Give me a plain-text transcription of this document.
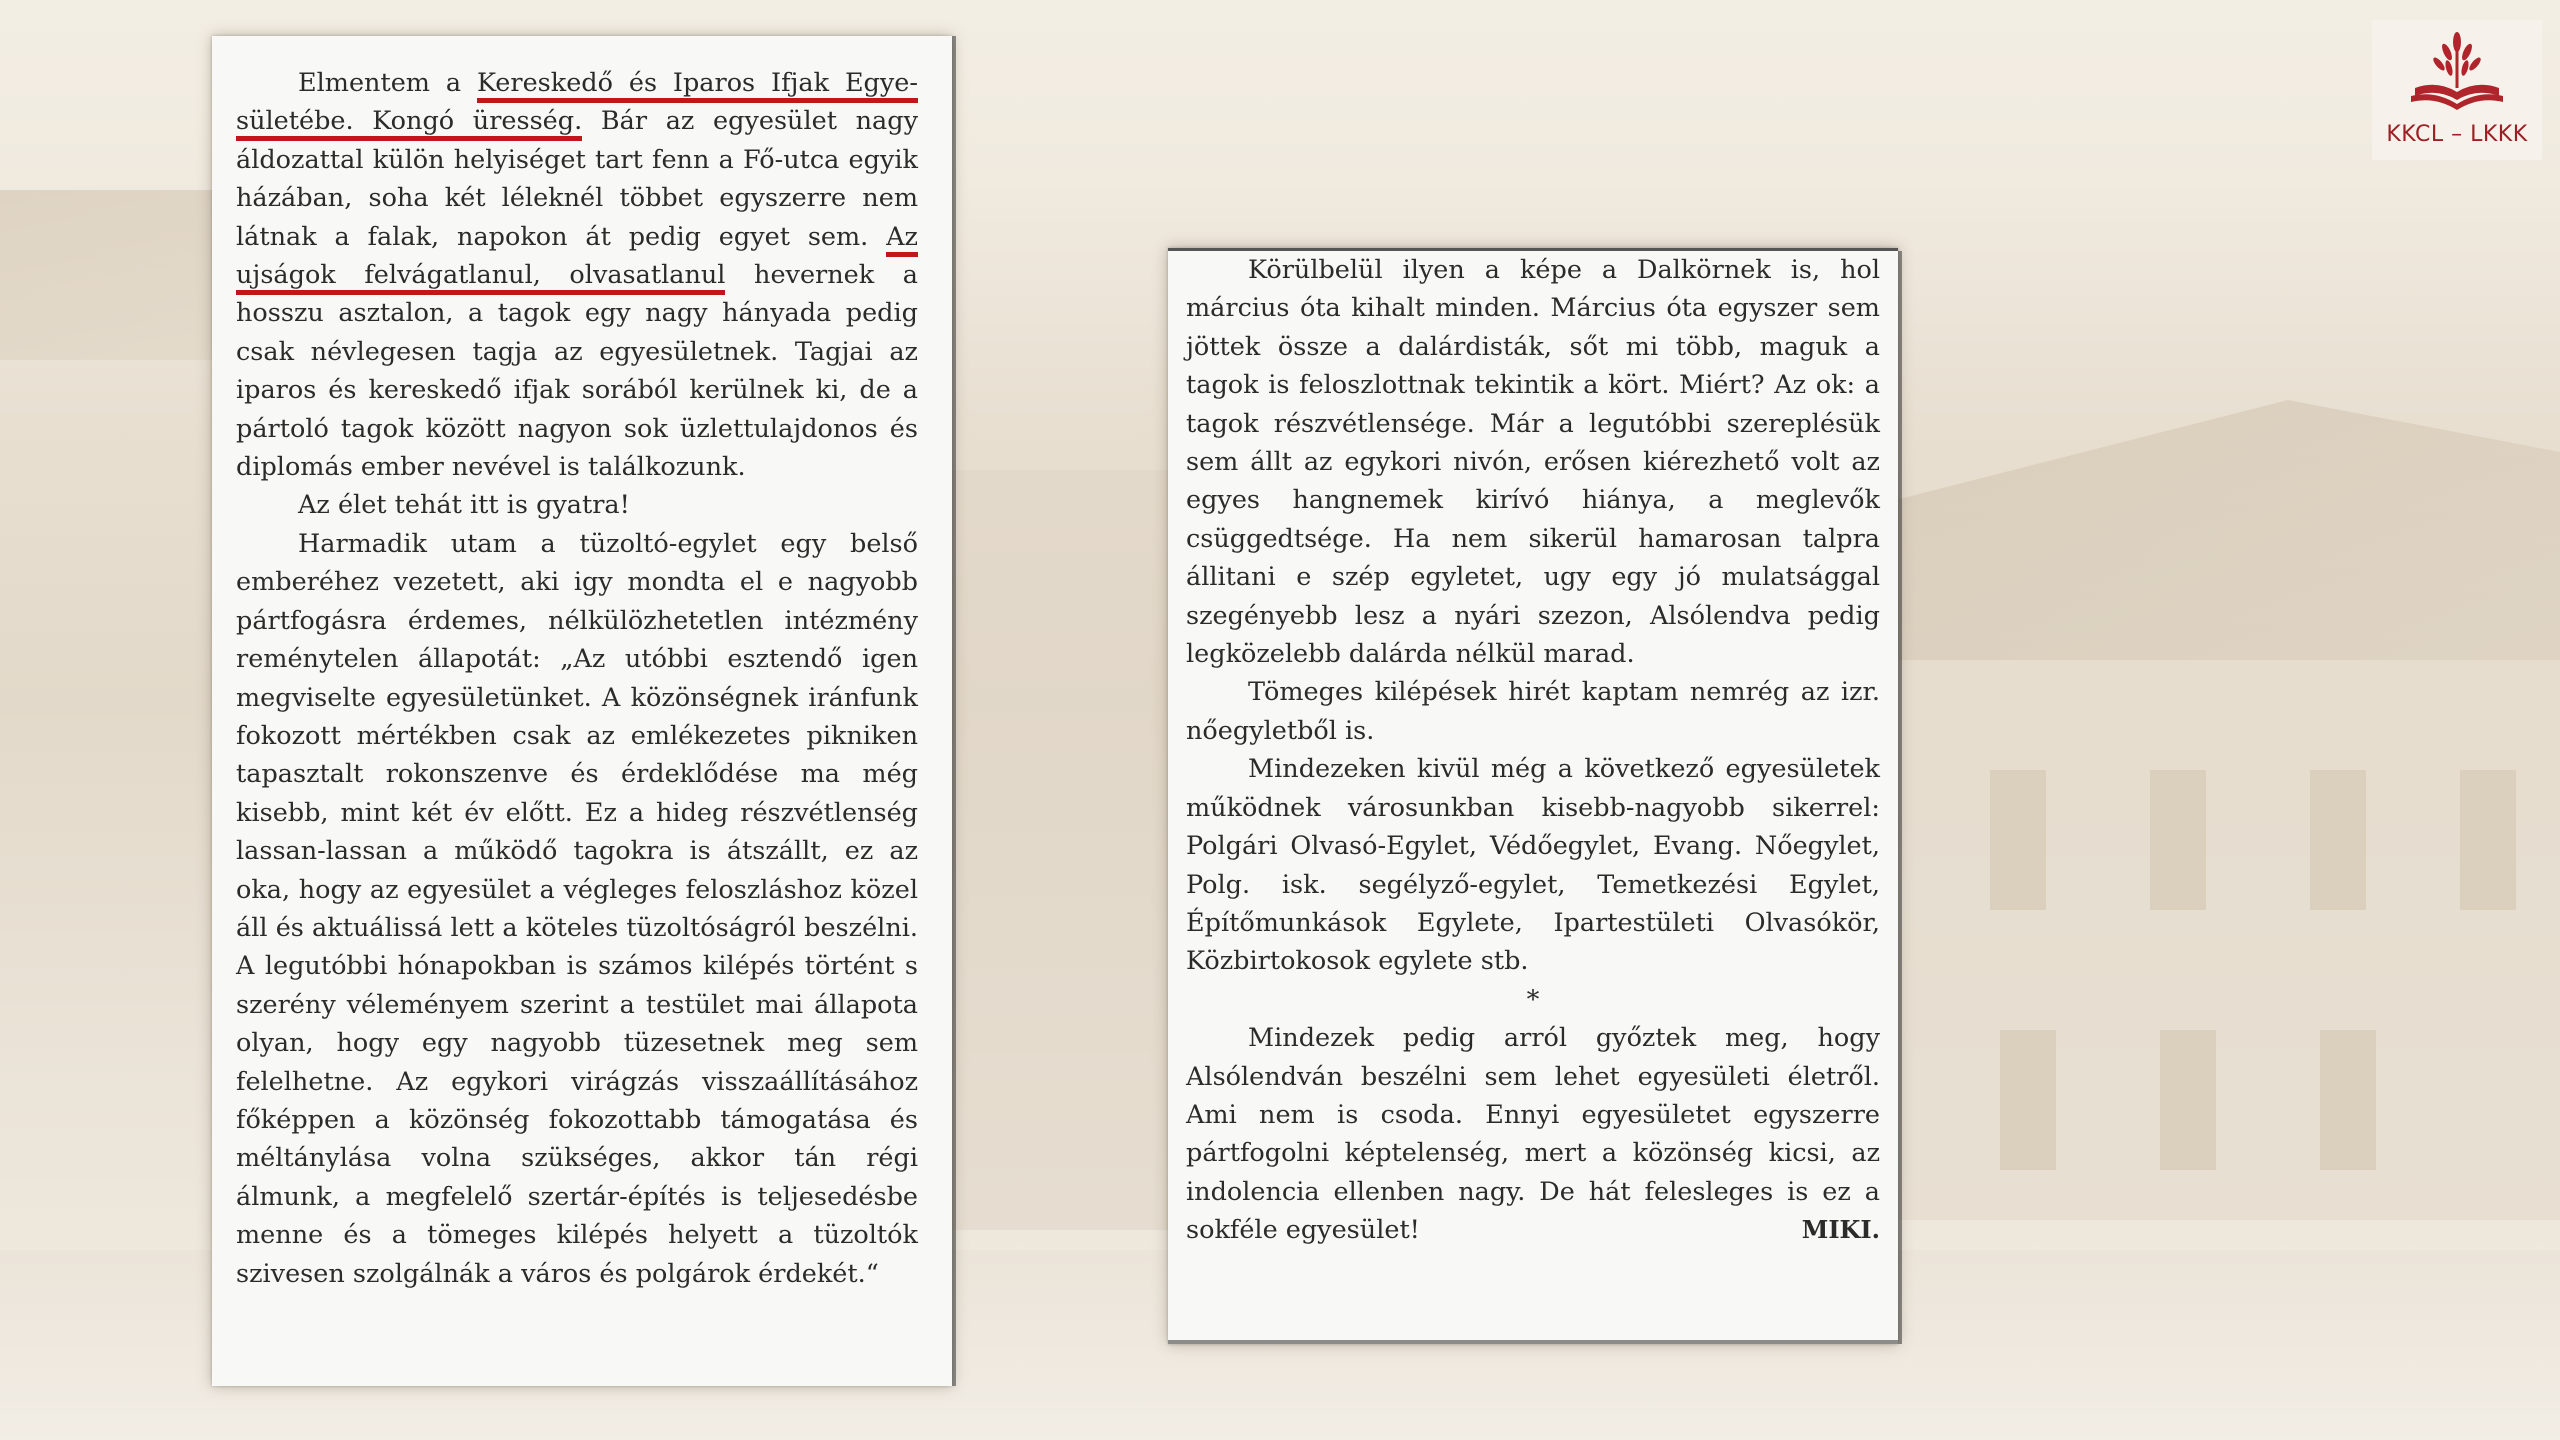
KKCL – LKKK

Elmentem a Kereskedő és Iparos Ifjak Egye- sületébe. Kongó üresség. Bár az egyesület nagy áldozattal külön helyiséget tart fenn a Fő-utca egyik házában, soha két léleknél többet egyszerre nem látnak a falak, napokon át pedig egyet sem. Az ujságok felvágatlanul, olvasatlanul hevernek a hosszu asztalon, a tagok egy nagy hányada pedig csak névlegesen tagja az egyesületnek. Tagjai az iparos és kereskedő ifjak sorából kerülnek ki, de a pártoló tagok között nagyon sok üzlettulajdonos és diplomás ember nevével is találkozunk.

Az élet tehát itt is gyatra!

Harmadik utam a tüzoltó-egylet egy belső emberéhez vezetett, aki igy mondta el e nagyobb pártfogásra érdemes, nélkülözhetetlen intézmény reménytelen állapotát: „Az utóbbi esztendő igen megviselte egyesületünket. A közönségnek iránfunk fokozott mértékben csak az emlékezetes pikniken tapasztalt rokonszenve és érdeklődése ma még kisebb, mint két év előtt. Ez a hideg részvétlenség lassan-lassan a működő tagokra is átszállt, ez az oka, hogy az egyesület a végleges feloszláshoz közel áll és aktuálissá lett a köteles tüzoltóságról beszélni. A legutóbbi hónapokban is számos kilépés történt s szerény véleményem szerint a testület mai állapota olyan, hogy egy nagyobb tüzesetnek meg sem felelhetne. Az egykori virágzás visszaállításához főképpen a közönség fokozottabb támogatása és méltánylása volna szükséges, akkor tán régi álmunk, a megfelelő szertár-építés is teljesedésbe menne és a tömeges kilépés helyett a tüzoltók szivesen szolgálnák a város és polgárok érdekét.“

Körülbelül ilyen a képe a Dalkörnek is, hol március óta kihalt minden. Március óta egyszer sem jöttek össze a dalárdisták, sőt mi több, maguk a tagok is feloszlottnak tekintik a kört. Miért? Az ok: a tagok részvétlensége. Már a legutóbbi szereplésük sem állt az egykori nivón, erősen kiérezhető volt az egyes hangnemek kirívó hiánya, a meglevők csüggedtsége. Ha nem sikerül hamarosan talpra állitani e szép egyletet, ugy egy jó mulatsággal szegényebb lesz a nyári szezon, Alsólendva pedig legközelebb dalárda nélkül marad.

Tömeges kilépések hirét kaptam nemrég az izr. nőegyletből is.

Mindezeken kivül még a következő egyesületek működnek városunkban kisebb-nagyobb sikerrel: Polgári Olvasó-Egylet, Védőegylet, Evang. Nőegylet, Polg. isk. segélyző-egylet, Temetkezési Egylet, Építőmunkások Egylete, Ipartestületi Olvasókör, Közbirtokosok egylete stb.

*

Mindezek pedig arról győztek meg, hogy Alsólendván beszélni sem lehet egyesületi életről. Ami nem is csoda. Ennyi egyesületet egyszerre pártfogolni képtelenség, mert a közönség kicsi, az indolencia ellenben nagy. De hát felesleges is ez a sokféle egyesület!	MIKI.
